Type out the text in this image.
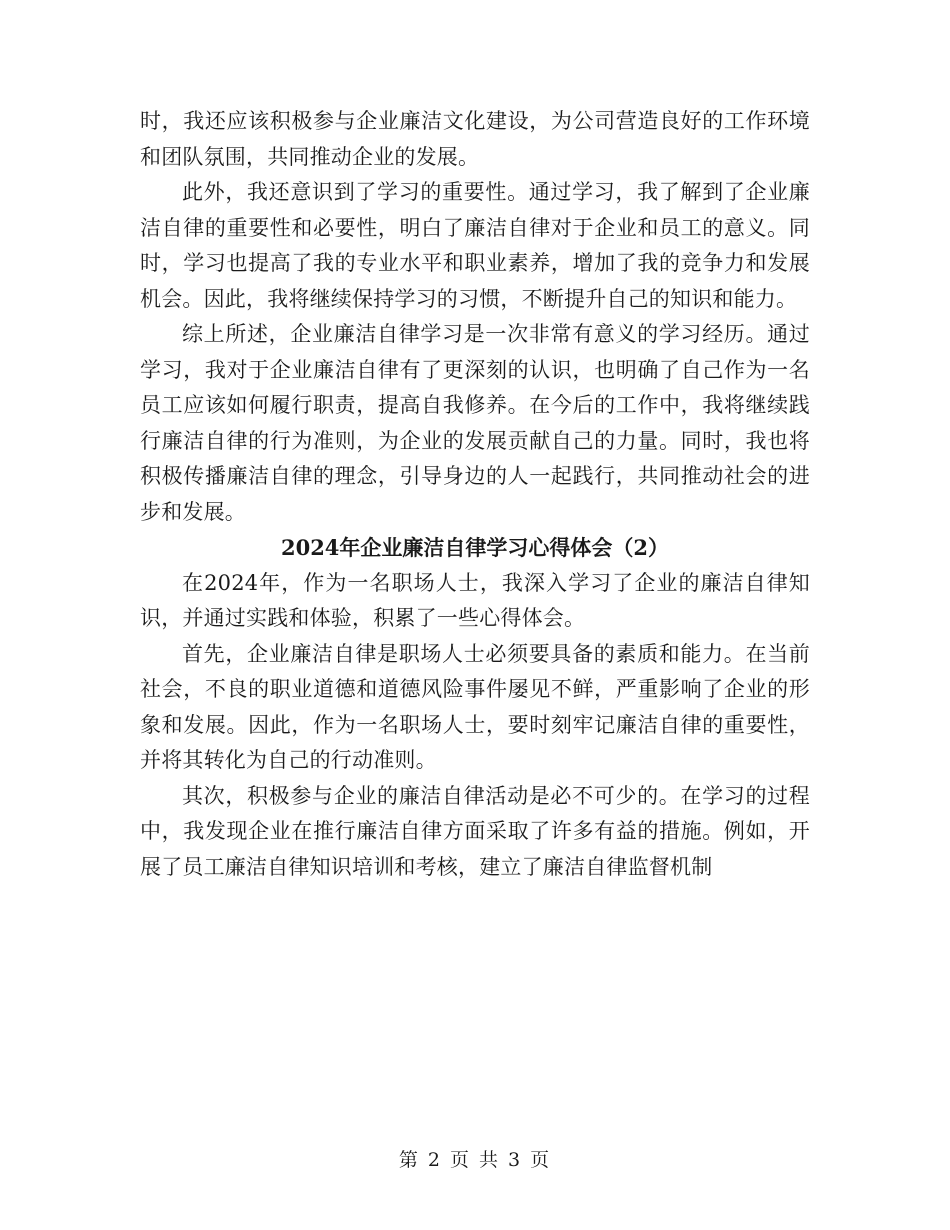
时，我还应该积极参与企业廉洁文化建设，为公司营造良好的工作环境和团队氛围，共同推动企业的发展。

此外，我还意识到了学习的重要性。通过学习，我了解到了企业廉洁自律的重要性和必要性，明白了廉洁自律对于企业和员工的意义。同时，学习也提高了我的专业水平和职业素养，增加了我的竞争力和发展机会。因此，我将继续保持学习的习惯，不断提升自己的知识和能力。

综上所述，企业廉洁自律学习是一次非常有意义的学习经历。通过学习，我对于企业廉洁自律有了更深刻的认识，也明确了自己作为一名员工应该如何履行职责，提高自我修养。在今后的工作中，我将继续践行廉洁自律的行为准则，为企业的发展贡献自己的力量。同时，我也将积极传播廉洁自律的理念，引导身边的人一起践行，共同推动社会的进步和发展。

2024年企业廉洁自律学习心得体会（2）

在2024年，作为一名职场人士，我深入学习了企业的廉洁自律知识，并通过实践和体验，积累了一些心得体会。

首先，企业廉洁自律是职场人士必须要具备的素质和能力。在当前社会，不良的职业道德和道德风险事件屡见不鲜，严重影响了企业的形象和发展。因此，作为一名职场人士，要时刻牢记廉洁自律的重要性，并将其转化为自己的行动准则。

其次，积极参与企业的廉洁自律活动是必不可少的。在学习的过程中，我发现企业在推行廉洁自律方面采取了许多有益的措施。例如，开展了员工廉洁自律知识培训和考核，建立了廉洁自律监督机制

第 2 页 共 3 页
